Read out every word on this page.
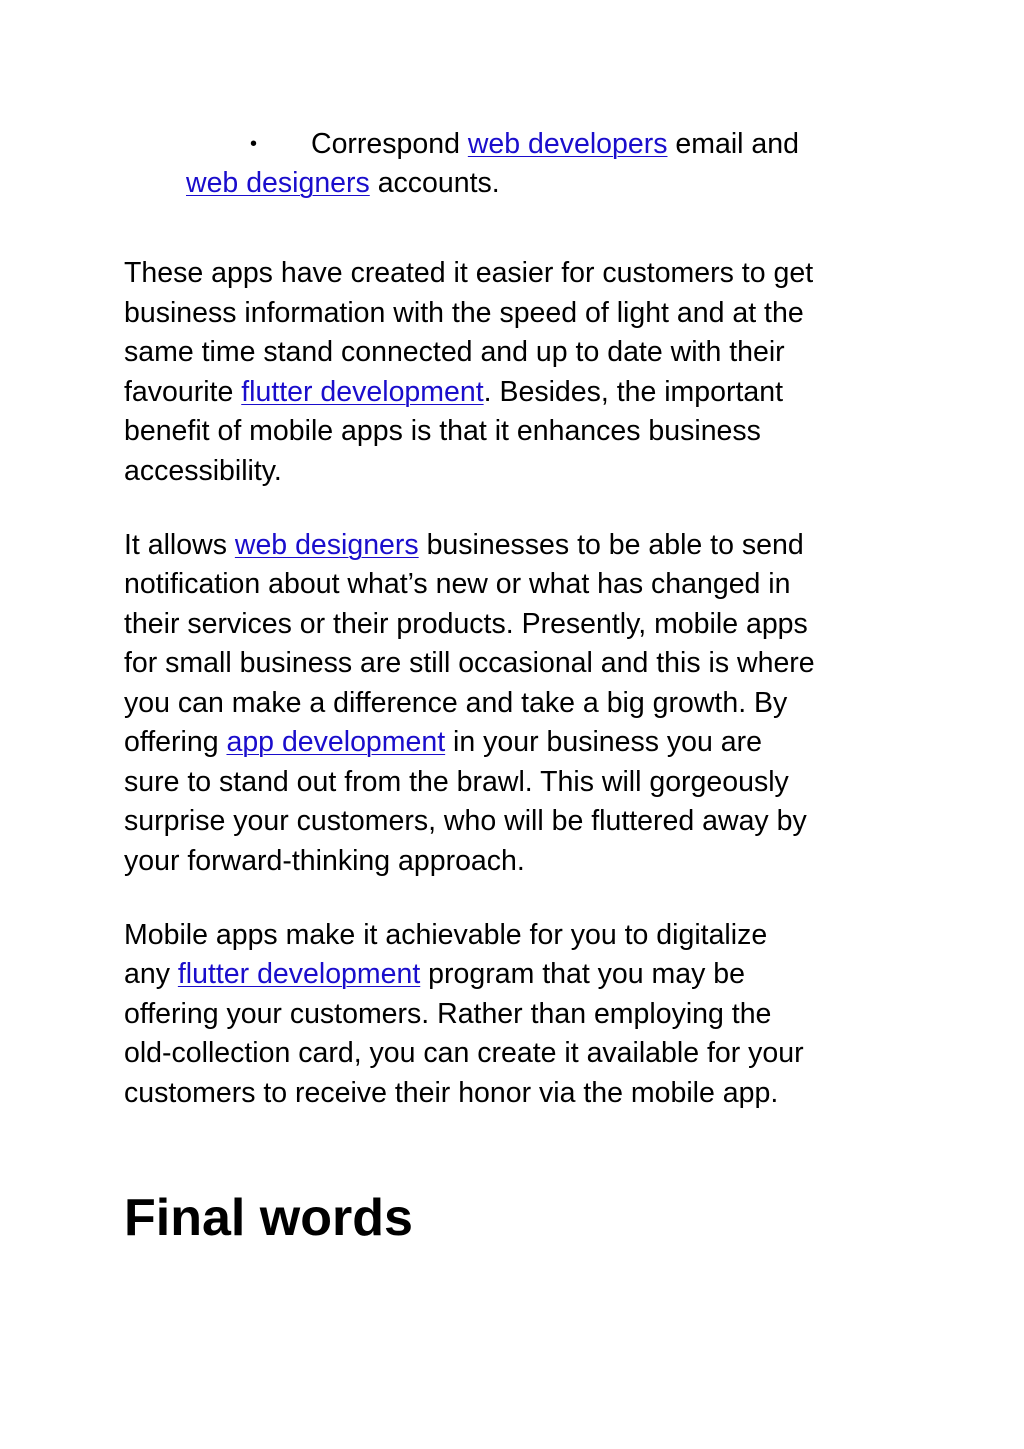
• Correspond web developers email and
web designers accounts.
These apps have created it easier for customers to get
business information with the speed of light and at the
same time stand connected and up to date with their
favourite flutter development. Besides, the important
benefit of mobile apps is that it enhances business
accessibility.
It allows web designers businesses to be able to send
notification about what’s new or what has changed in
their services or their products. Presently, mobile apps
for small business are still occasional and this is where
you can make a difference and take a big growth. By
offering app development in your business you are
sure to stand out from the brawl. This will gorgeously
surprise your customers, who will be fluttered away by
your forward-thinking approach.
Mobile apps make it achievable for you to digitalize
any flutter development program that you may be
offering your customers. Rather than employing the
old-collection card, you can create it available for your
customers to receive their honor via the mobile app.
Final words
